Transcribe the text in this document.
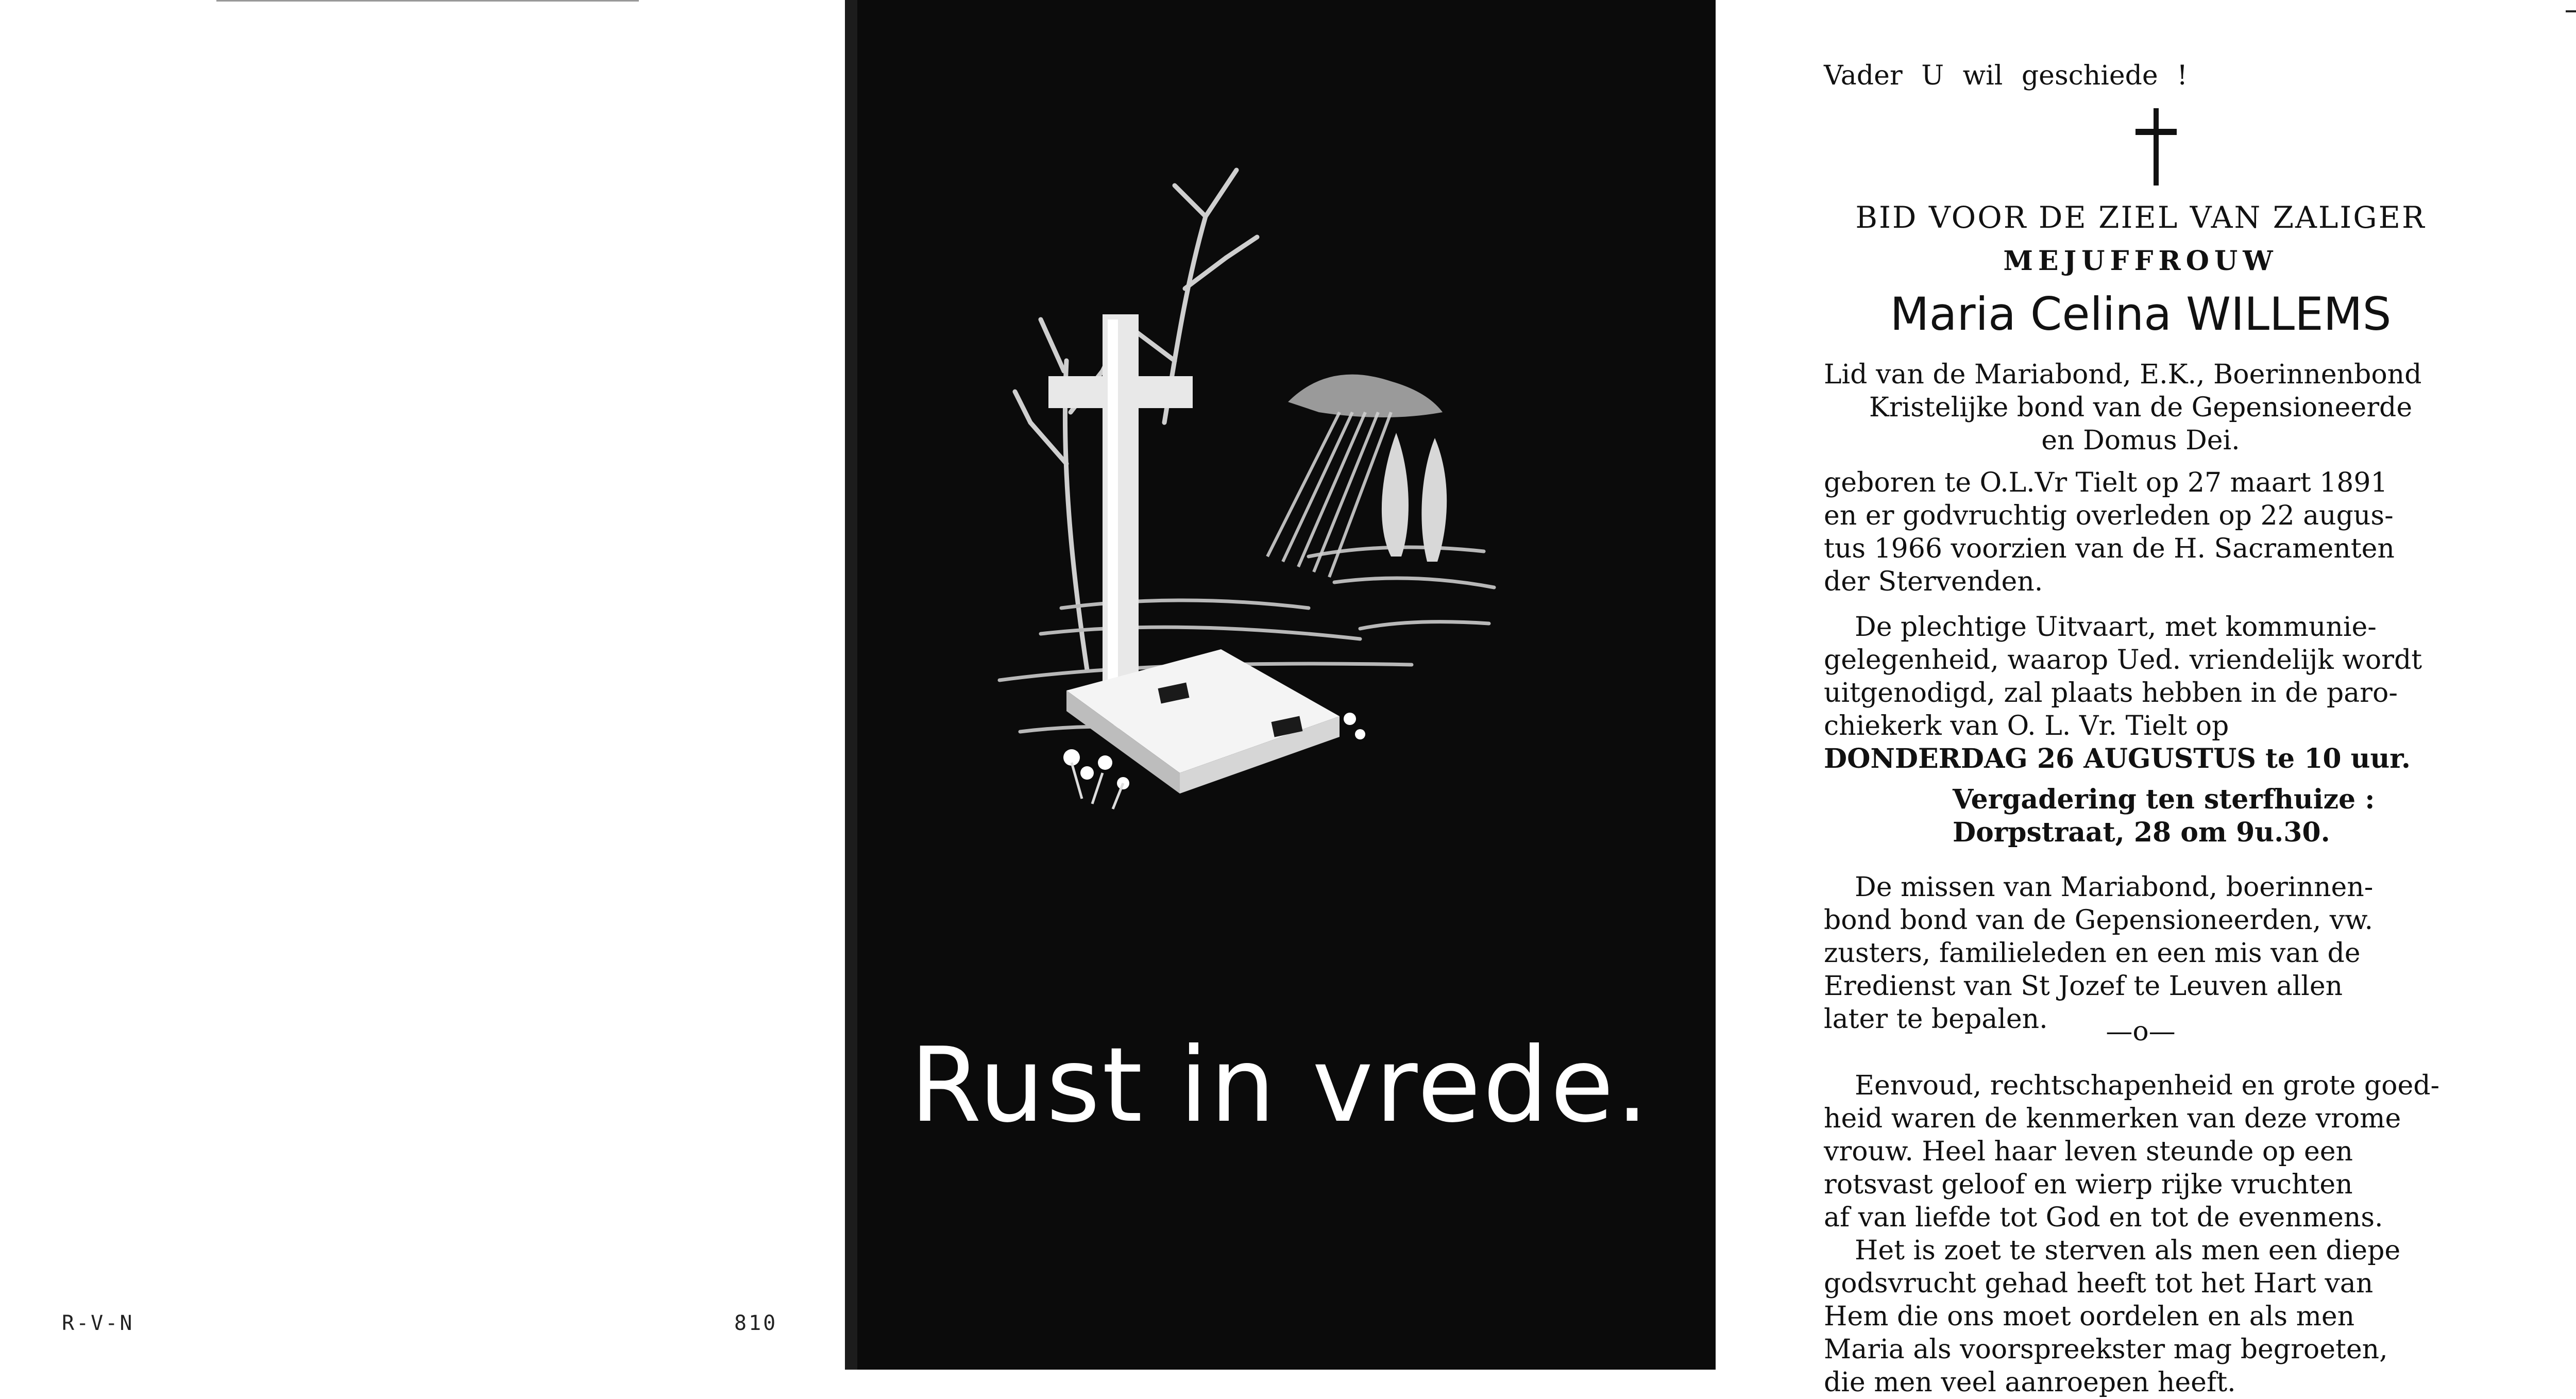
R-V-N	810
Rust in vrede.
Vader U wil geschiede !
BID VOOR DE ZIEL VAN ZALIGER
MEJUFFROUW
Maria Celina WILLEMS
Lid van de Mariabond, E.K., Boerinnenbond
Kristelijke bond van de Gepensioneerde
en Domus Dei.
geboren te O.L.Vr Tielt op 27 maart 1891
en er godvruchtig overleden op 22 augus-
tus 1966 voorzien van de H. Sacramenten
der Stervenden.
De plechtige Uitvaart, met kommunie-
gelegenheid, waarop Ued. vriendelijk wordt
uitgenodigd, zal plaats hebben in de paro-
chiekerk van O. L. Vr. Tielt op
DONDERDAG 26 AUGUSTUS te 10 uur.
Vergadering ten sterfhuize :
Dorpstraat, 28 om 9u.30.
De missen van Mariabond, boerinnen-
bond bond van de Gepensioneerden, vw.
zusters, familieleden en een mis van de
Eredienst van St Jozef te Leuven allen
later te bepalen.	—o—
Eenvoud, rechtschapenheid en grote goed-
heid waren de kenmerken van deze vrome
vrouw. Heel haar leven steunde op een
rotsvast geloof en wierp rijke vruchten
af van liefde tot God en tot de evenmens.
Het is zoet te sterven als men een diepe
godsvrucht gehad heeft tot het Hart van
Hem die ons moet oordelen en als men
Maria als voorspreekster mag begroeten,
die men veel aanroepen heeft.
